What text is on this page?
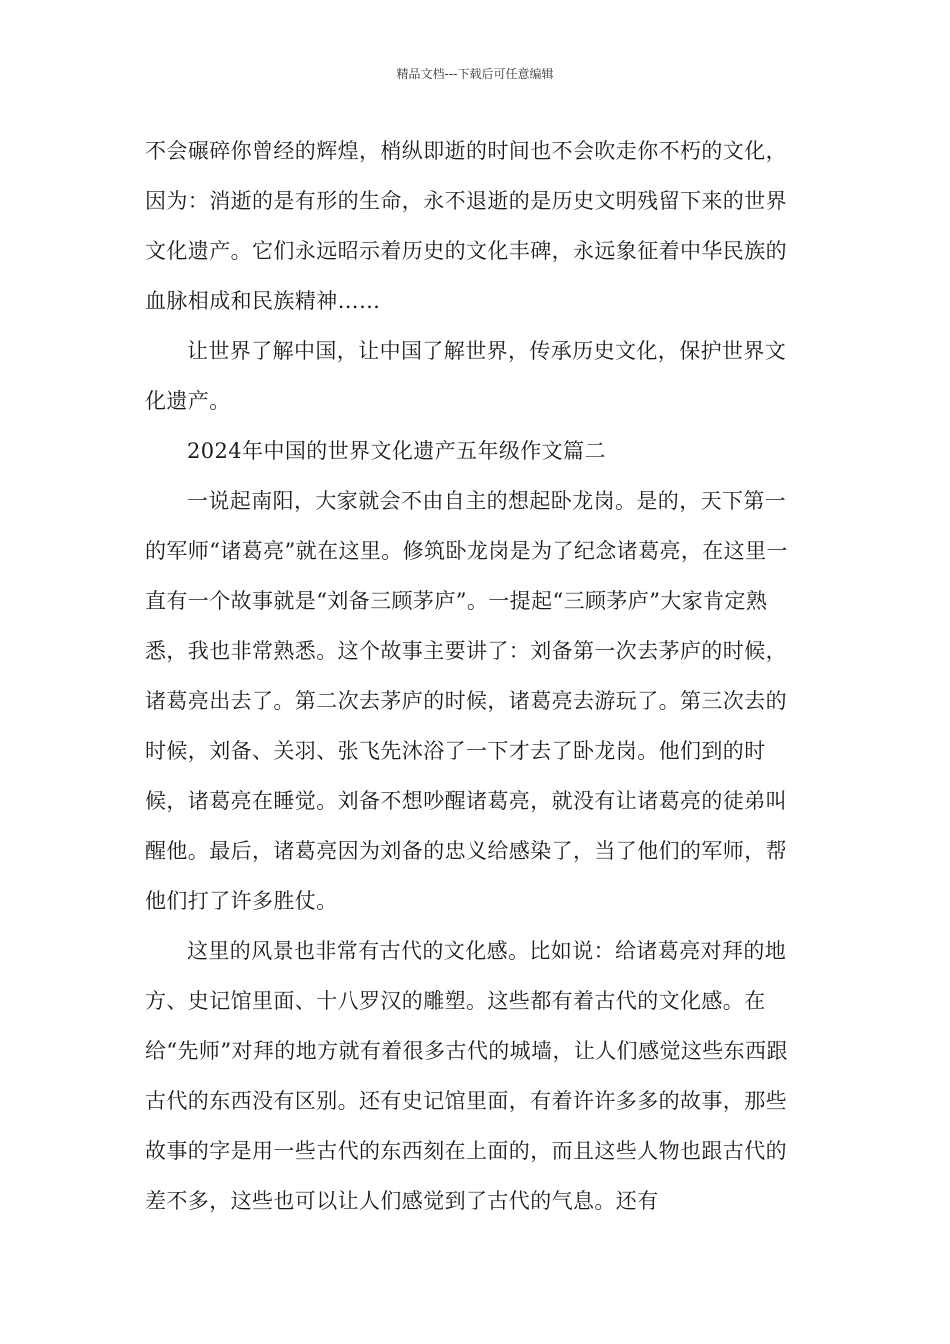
精品文档---下载后可任意编辑

不会碾碎你曾经的辉煌，梢纵即逝的时间也不会吹走你不朽的文化，因为：消逝的是有形的生命，永不退逝的是历史文明残留下来的世界文化遗产。它们永远昭示着历史的文化丰碑，永远象征着中华民族的血脉相成和民族精神……

让世界了解中国，让中国了解世界，传承历史文化，保护世界文化遗产。

2024年中国的世界文化遗产五年级作文篇二

一说起南阳，大家就会不由自主的想起卧龙岗。是的，天下第一的军师“诸葛亮”就在这里。修筑卧龙岗是为了纪念诸葛亮，在这里一直有一个故事就是“刘备三顾茅庐”。一提起“三顾茅庐”大家肯定熟悉，我也非常熟悉。这个故事主要讲了：刘备第一次去茅庐的时候，诸葛亮出去了。第二次去茅庐的时候，诸葛亮去游玩了。第三次去的时候，刘备、关羽、张飞先沐浴了一下才去了卧龙岗。他们到的时候，诸葛亮在睡觉。刘备不想吵醒诸葛亮，就没有让诸葛亮的徒弟叫醒他。最后，诸葛亮因为刘备的忠义给感染了，当了他们的军师，帮他们打了许多胜仗。

这里的风景也非常有古代的文化感。比如说：给诸葛亮对拜的地方、史记馆里面、十八罗汉的雕塑。这些都有着古代的文化感。在给“先师”对拜的地方就有着很多古代的城墙，让人们感觉这些东西跟古代的东西没有区别。还有史记馆里面，有着许许多多的故事，那些故事的字是用一些古代的东西刻在上面的，而且这些人物也跟古代的差不多，这些也可以让人们感觉到了古代的气息。还有
